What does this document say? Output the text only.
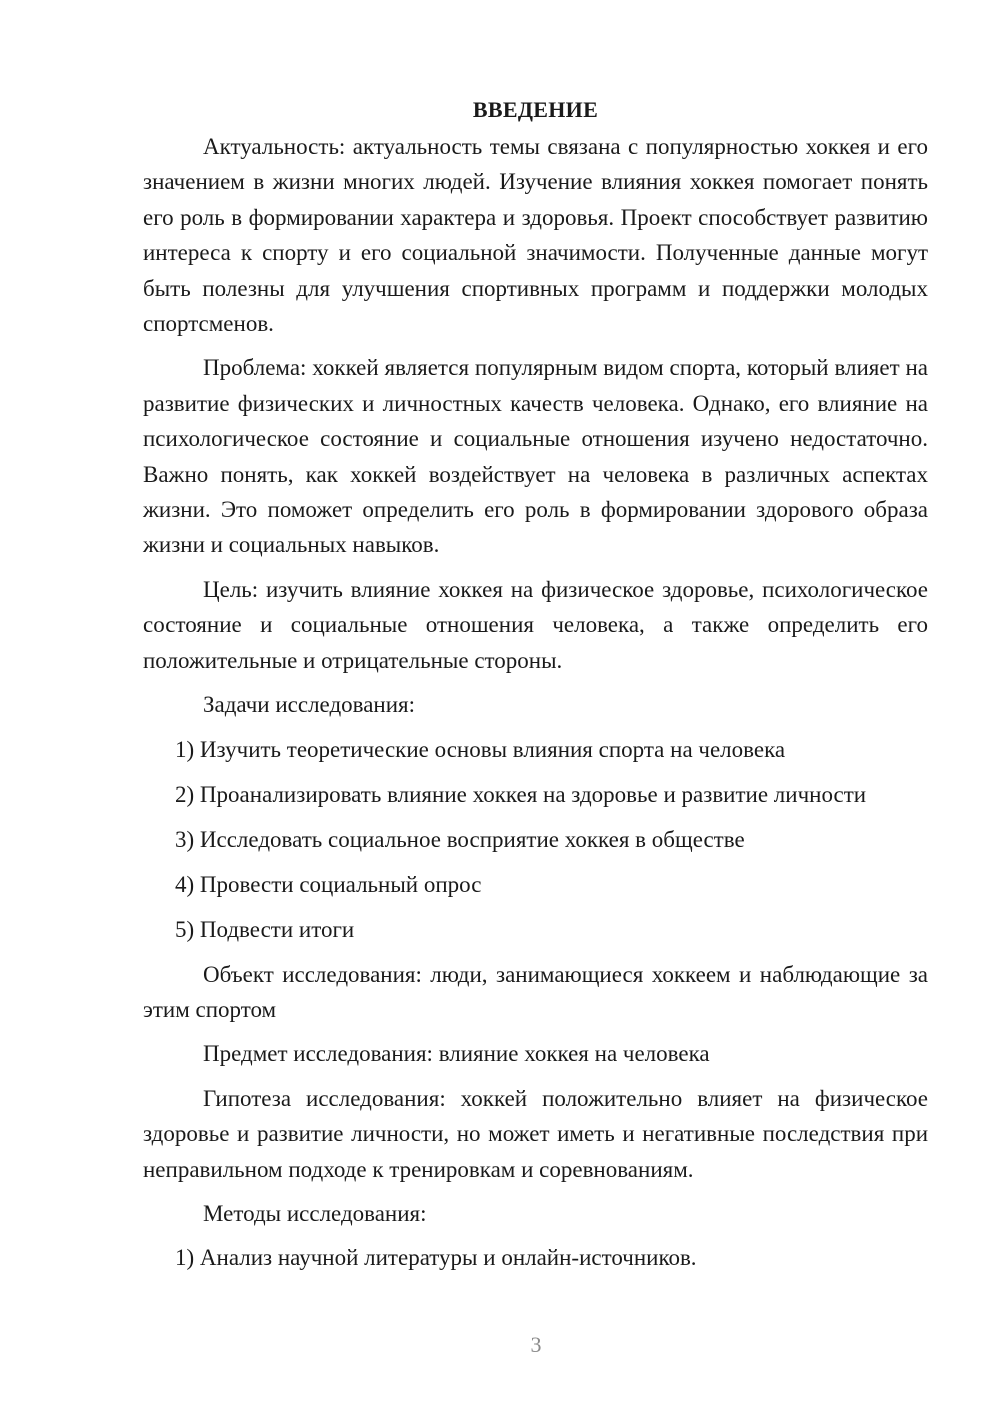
ВВЕДЕНИЕ

Актуальность: актуальность темы связана с популярностью хоккея и его значением в жизни многих людей. Изучение влияния хоккея помогает понять его роль в формировании характера и здоровья. Проект способствует развитию интереса к спорту и его социальной значимости. Полученные данные могут быть полезны для улучшения спортивных программ и поддержки молодых спортсменов.

Проблема: хоккей является популярным видом спорта, который влияет на развитие физических и личностных качеств человека. Однако, его влияние на психологическое состояние и социальные отношения изучено недостаточно. Важно понять, как хоккей воздействует на человека в различных аспектах жизни. Это поможет определить его роль в формировании здорового образа жизни и социальных навыков.

Цель: изучить влияние хоккея на физическое здоровье, психологическое состояние и социальные отношения человека, а также определить его положительные и отрицательные стороны.

Задачи исследования:

1) Изучить теоретические основы влияния спорта на человека

2) Проанализировать влияние хоккея на здоровье и развитие личности

3) Исследовать социальное восприятие хоккея в обществе

4) Провести социальный опрос

5) Подвести итоги

Объект исследования: люди, занимающиеся хоккеем и наблюдающие за этим спортом

Предмет исследования: влияние хоккея на человека

Гипотеза исследования: хоккей положительно влияет на физическое здоровье и развитие личности, но может иметь и негативные последствия при неправильном подходе к тренировкам и соревнованиям.

Методы исследования:

1) Анализ научной литературы и онлайн-источников.

3
